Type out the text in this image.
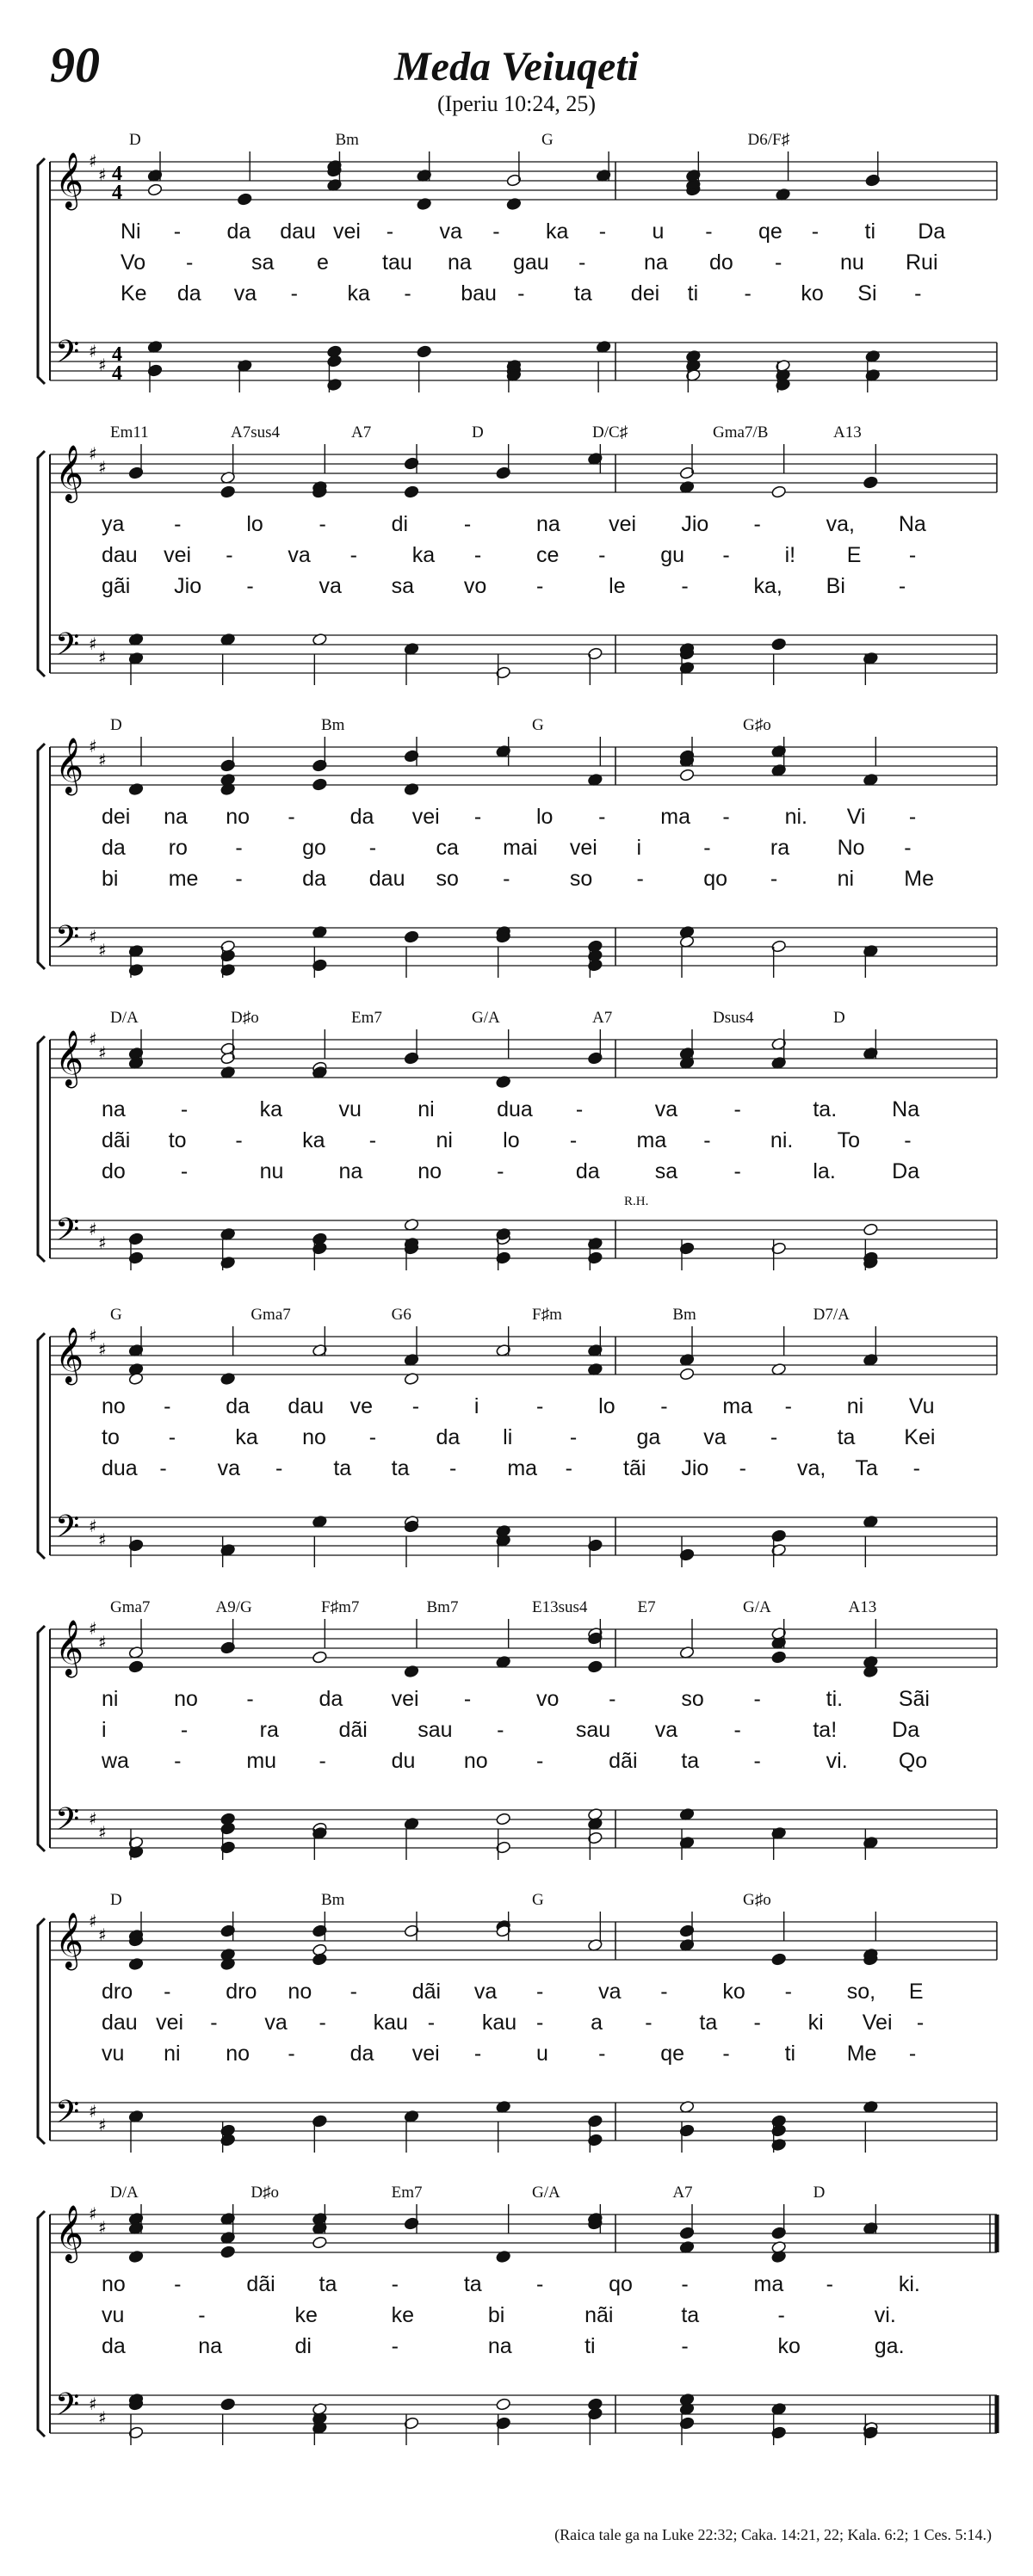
90	Meda Veiuqeti
(Iperiu 10:24, 25)
𝄞 ♯
♯ 4
4
𝄢 ♯
♯ 4
4
D	Bm	G	D6/F♯
Ni - da dau vei - va - ka - u - qe - ti Da
Vo -	sa e tau na gau -	na do -	nu Rui
Ke da va - ka - bau - ta dei ti - ko Si -
𝄞 ♯
♯
𝄢 ♯
♯
Em11	A7sus4	A7	D	D/C♯	Gma7/B	A13
ya -	lo	-	di	-	na vei Jio -	va, Na
dau vei -	va -	ka -	ce -	gu -	i! E -
gãi Jio -	va sa vo -	le	-	ka, Bi -
𝄞 ♯
♯
𝄢 ♯
♯
D	Bm	G	G♯o
dei na no -	da vei -	lo -	ma -	ni. Vi -
da ro -	go -	ca mai vei i	-	ra No -
bi me -	da dau so -	so -	qo -	ni Me
𝄞 ♯
♯
𝄢 ♯
♯
D/A	D♯o	Em7	G/A	A7	Dsus4	D
R.H.
na	-	ka	vu	ni	dua -	va	-	ta.	Na
dãi to -	ka -	ni lo -	ma -	ni. To -
do	-	nu	na	no	-	da	sa	-	la.	Da
𝄞 ♯
♯
𝄢 ♯
♯
G	Gma7	G6	F♯m	Bm	D7/A
no -	da dau ve -	i	-	lo -	ma -	ni Vu
to -	ka no -	da li	-	ga va -	ta Kei
dua - va - ta ta - ma - tãi Jio - va, Ta -
𝄞 ♯
♯
𝄢 ♯
♯
Gma7	A9/G	F♯m7	Bm7	E13sus4	E7	G/A	A13
ni	no -	da vei -	vo -	so -	ti.	Sãi
i	-	ra	dãi sau -	sau va	-	ta!	Da
wa -	mu -	du no -	dãi ta	-	vi. Qo
𝄞 ♯
♯
𝄢 ♯
♯
D	Bm	G	G♯o
dro -	dro no -	dãi va -	va -	ko -	so, E
dau vei - va - kau - kau - a - ta - ki Vei -
vu ni no -	da vei -	u -	qe -	ti Me -
𝄞 ♯
♯
𝄢 ♯
♯
D/A	D♯o	Em7	G/A	A7	D
no -	dãi ta	-	ta	-	qo -	ma -	ki.
vu	-	ke	ke	bi	nãi	ta	-	vi.
da	na	di	-	na	ti	-	ko	ga.
(Raica tale ga na Luke 22:32; Caka. 14:21, 22; Kala. 6:2; 1 Ces. 5:14.)
